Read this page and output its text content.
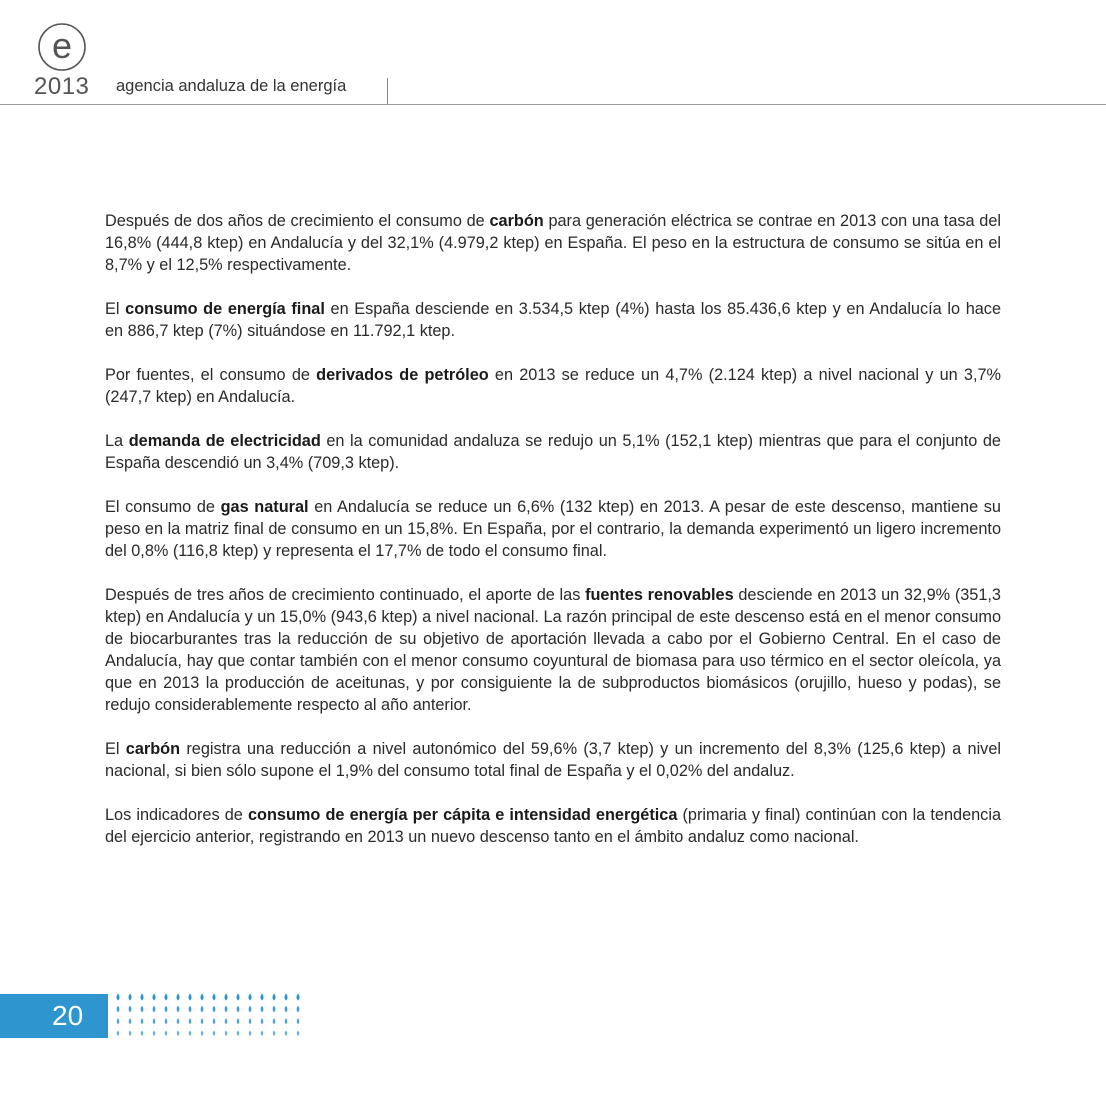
e
2013 agencia andaluza de la energía

Después de dos años de crecimiento el consumo de carbón para generación eléctrica se contrae en 2013 con una tasa del 16,8% (444,8 ktep) en Andalucía y del 32,1% (4.979,2 ktep) en España. El peso en la estructura de consumo se sitúa en el 8,7% y el 12,5% respectivamente.

El consumo de energía final en España desciende en 3.534,5 ktep (4%) hasta los 85.436,6 ktep y en Andalucía lo hace en 886,7 ktep (7%) situándose en 11.792,1 ktep.

Por fuentes, el consumo de derivados de petróleo en 2013 se reduce un 4,7% (2.124 ktep) a nivel nacional y un 3,7% (247,7 ktep) en Andalucía.

La demanda de electricidad en la comunidad andaluza se redujo un 5,1% (152,1 ktep) mientras que para el conjunto de España descendió un 3,4% (709,3 ktep).

El consumo de gas natural en Andalucía se reduce un 6,6% (132 ktep) en 2013. A pesar de este descenso, mantiene su peso en la matriz final de consumo en un 15,8%. En España, por el contrario, la demanda experimentó un ligero incremento del 0,8% (116,8 ktep) y representa el 17,7% de todo el consumo final.

Después de tres años de crecimiento continuado, el aporte de las fuentes renovables desciende en 2013 un 32,9% (351,3 ktep) en Andalucía y un 15,0% (943,6 ktep) a nivel nacional. La razón principal de este descenso está en el menor consumo de biocarburantes tras la reducción de su objetivo de aportación llevada a cabo por el Gobierno Central. En el caso de Andalucía, hay que contar también con el menor consumo coyuntural de biomasa para uso térmico en el sector oleícola, ya que en 2013 la producción de aceitunas, y por consiguiente la de subproductos biomásicos (orujillo, hueso y podas), se redujo considerablemente respecto al año anterior.

El carbón registra una reducción a nivel autonómico del 59,6% (3,7 ktep) y un incremento del 8,3% (125,6 ktep) a nivel nacional, si bien sólo supone el 1,9% del consumo total final de España y el 0,02% del andaluz.

Los indicadores de consumo de energía per cápita e intensidad energética (primaria y final) continúan con la tendencia del ejercicio anterior, registrando en 2013 un nuevo descenso tanto en el ámbito andaluz como nacional.

20
